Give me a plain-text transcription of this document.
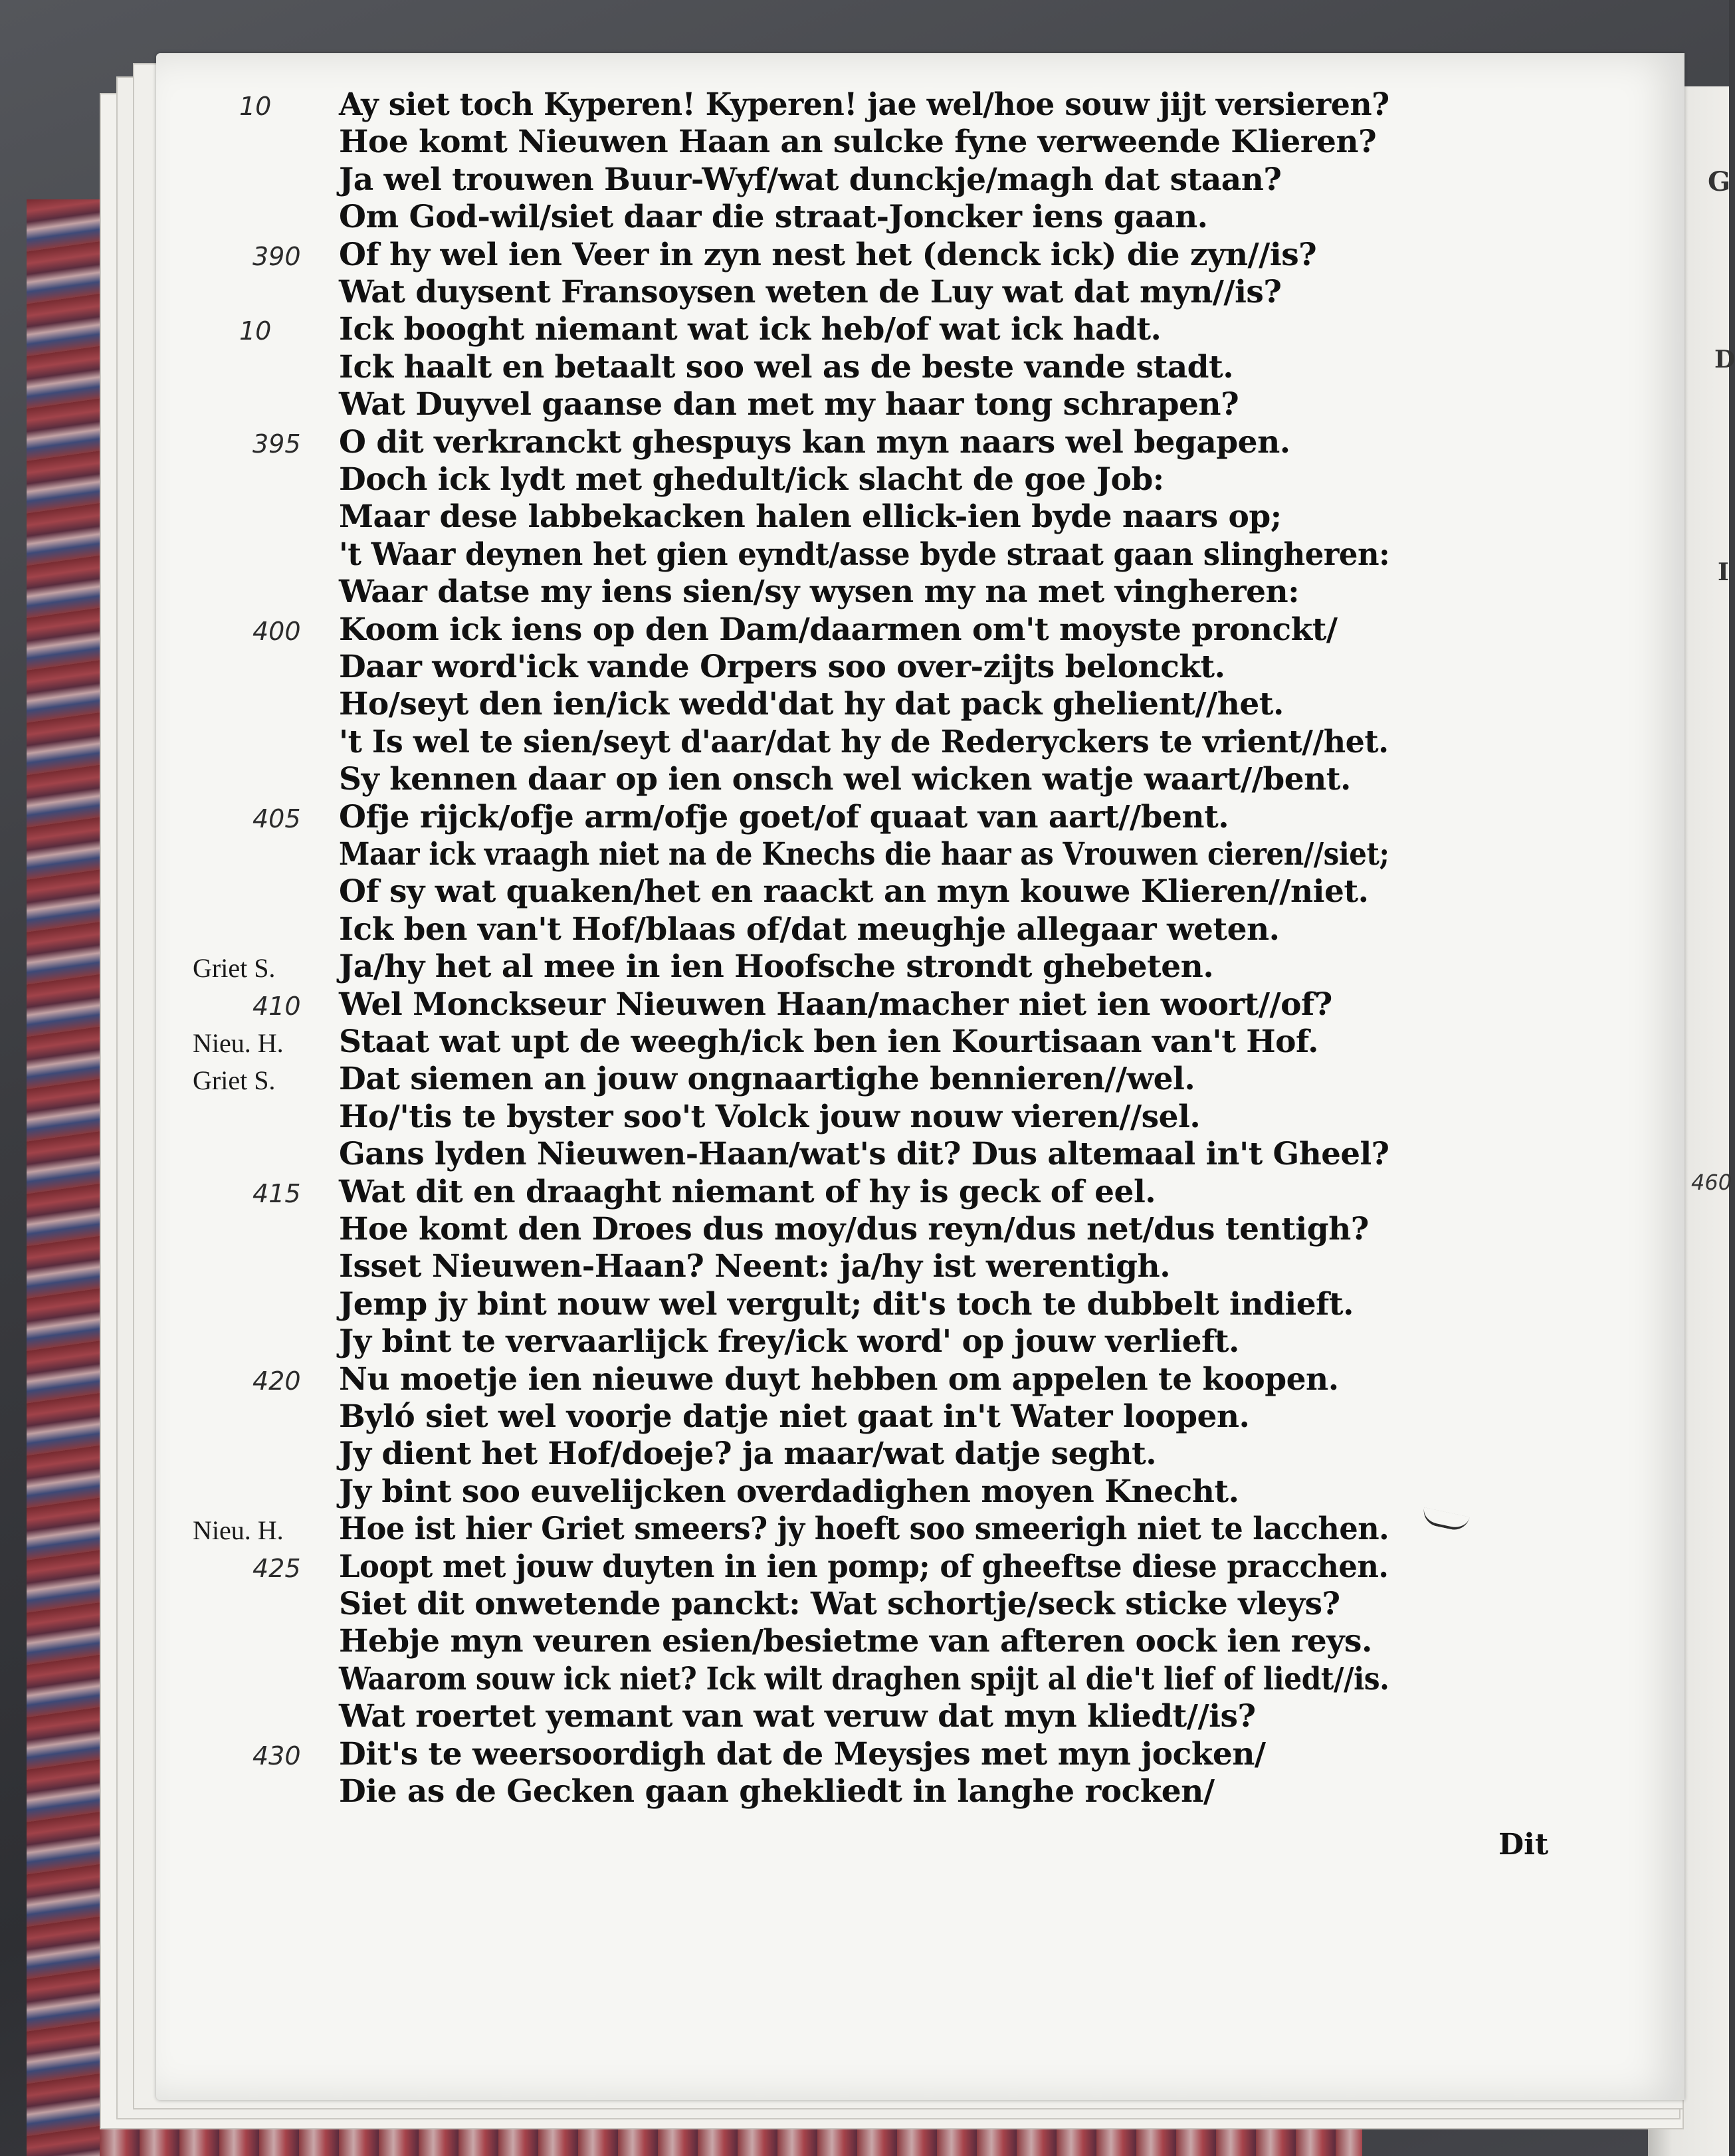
G
D
I
460
Ay siet toch Kyperen! Kyperen! jae wel/hoe souw jijt versieren?
10
Hoe komt Nieuwen Haan an sulcke fyne verweende Klieren?
Ja wel trouwen Buur-Wyf/wat dunckje/magh dat staan?
Om God-wil/siet daar die straat-Joncker iens gaan.
Of hy wel ien Veer in zyn nest het (denck ick) die zyn//is?
390
Wat duysent Fransoysen weten de Luy wat dat myn//is?
Ick booght niemant wat ick heb/of wat ick hadt.
10
Ick haalt en betaalt soo wel as de beste vande stadt.
Wat Duyvel gaanse dan met my haar tong schrapen?
O dit verkranckt ghespuys kan myn naars wel begapen.
395
Doch ick lydt met ghedult/ick slacht de goe Job:
Maar dese labbekacken halen ellick-ien byde naars op;
't Waar deynen het gien eyndt/asse byde straat gaan slingheren:
Waar datse my iens sien/sy wysen my na met vingheren:
Koom ick iens op den Dam/daarmen om't moyste pronckt/
400
Daar word'ick vande Orpers soo over-zijts belonckt.
Ho/seyt den ien/ick wedd'dat hy dat pack ghelient//het.
't Is wel te sien/seyt d'aar/dat hy de Rederyckers te vrient//het.
Sy kennen daar op ien onsch wel wicken watje waart//bent.
Ofje rijck/ofje arm/ofje goet/of quaat van aart//bent.
405
Maar ick vraagh niet na de Knechs die haar as Vrouwen cieren//siet;
Of sy wat quaken/het en raackt an myn kouwe Klieren//niet.
Ick ben van't Hof/blaas of/dat meughje allegaar weten.
Ja/hy het al mee in ien Hoofsche strondt ghebeten.
Griet S.
Wel Monckseur Nieuwen Haan/macher niet ien woort//of?
410
Staat wat upt de weegh/ick ben ien Kourtisaan van't Hof.
Nieu. H.
Dat siemen an jouw ongnaartighe bennieren//wel.
Griet S.
Ho/'tis te byster soo't Volck jouw nouw vieren//sel.
Gans lyden Nieuwen-Haan/wat's dit? Dus altemaal in't Gheel?
Wat dit en draaght niemant of hy is geck of eel.
415
Hoe komt den Droes dus moy/dus reyn/dus net/dus tentigh?
Isset Nieuwen-Haan? Neent: ja/hy ist werentigh.
Jemp jy bint nouw wel vergult; dit's toch te dubbelt indieft.
Jy bint te vervaarlijck frey/ick word' op jouw verlieft.
Nu moetje ien nieuwe duyt hebben om appelen te koopen.
420
Byló siet wel voorje datje niet gaat in't Water loopen.
Jy dient het Hof/doeje? ja maar/wat datje seght.
Jy bint soo euvelijcken overdadighen moyen Knecht.
Hoe ist hier Griet smeers? jy hoeft soo smeerigh niet te lacchen.
Nieu. H.
Loopt met jouw duyten in ien pomp; of gheeftse diese pracchen.
425
Siet dit onwetende panckt: Wat schortje/seck sticke vleys?
Hebje myn veuren esien/besietme van afteren oock ien reys.
Waarom souw ick niet? Ick wilt draghen spijt al die't lief of liedt//is.
Wat roertet yemant van wat veruw dat myn kliedt//is?
Dit's te weersoordigh dat de Meysjes met myn jocken/
430
Die as de Gecken gaan ghekliedt in langhe rocken/
Dit
